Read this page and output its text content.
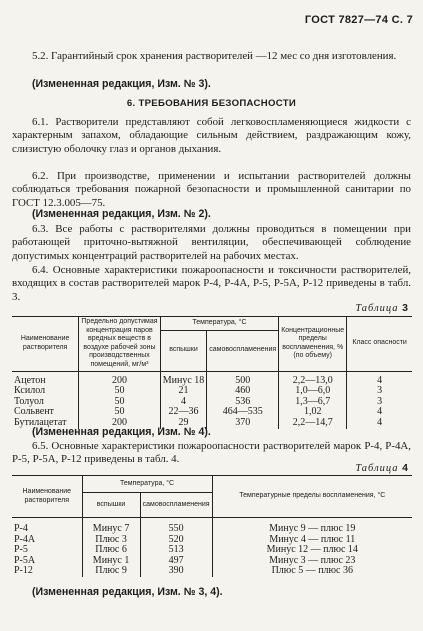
ГОСТ 7827—74 С. 7

5.2. Гарантийный срок хранения растворителей —12 мес со дня изготовления.

(Измененная редакция, Изм. № 3).

6. ТРЕБОВАНИЯ БЕЗОПАСНОСТИ

6.1. Растворители представляют собой легковоспламеняющиеся жидкости с характерным запахом, обладающие сильным действием, раздражающим кожу, слизистую оболочку глаз и органов дыхания.

6.2. При производстве, применении и испытании растворителей должны соблюдаться требования пожарной безопасности и промышленной санитарии по ГОСТ 12.3.005—75.

(Измененная редакция, Изм. № 2).

6.3. Все работы с растворителями должны проводиться в помещении при работающей приточно-вытяжной вентиляции, обеспечивающей соблюдение допустимых концентраций растворителей на рабочих местах.

6.4. Основные характеристики пожароопасности и токсичности растворителей, входящих в состав растворителей марок Р-4, Р-4А, Р-5, Р-5А, Р-12 приведены в табл. 3.

Таблица 3
Наименование растворителя	Предельно допустимая концентрация паров вредных веществ в воздухе рабочей зоны производственных помещений, мг/м³	Температура, °С		Концентрационные пределы воспламенения, % (по объему)	Класс опасности
		вспышки	самовоспламенения		
Ацетон	200	Минус 18	500	2,2—13,0	4
Ксилол	50	21	460	1,0—6,0	3
Толуол	50	4	536	1,3—6,7	3
Сольвент	50	22—36	464—535	1,02	4
Бутилацетат	200	29	370	2,2—14,7	4

(Измененная редакция, Изм. № 4).

6.5. Основные характеристики пожароопасности растворителей марок Р-4, Р-4А, Р-5, Р-5А, Р-12 приведены в табл. 4.

Таблица 4
Наименование растворителя	Температура, °С		Температурные пределы воспламенения, °С
	вспышки	самовоспламенения	
Р-4	Минус 7	550	Минус 9 — плюс 19
Р-4А	Плюс 3	520	Минус 4 — плюс 11
Р-5	Плюс 6	513	Минус 12 — плюс 14
Р-5А	Минус 1	497	Минус 3 — плюс 23
Р-12	Плюс 9	390	Плюс 5 — плюс 36

(Измененная редакция, Изм. № 3, 4).
